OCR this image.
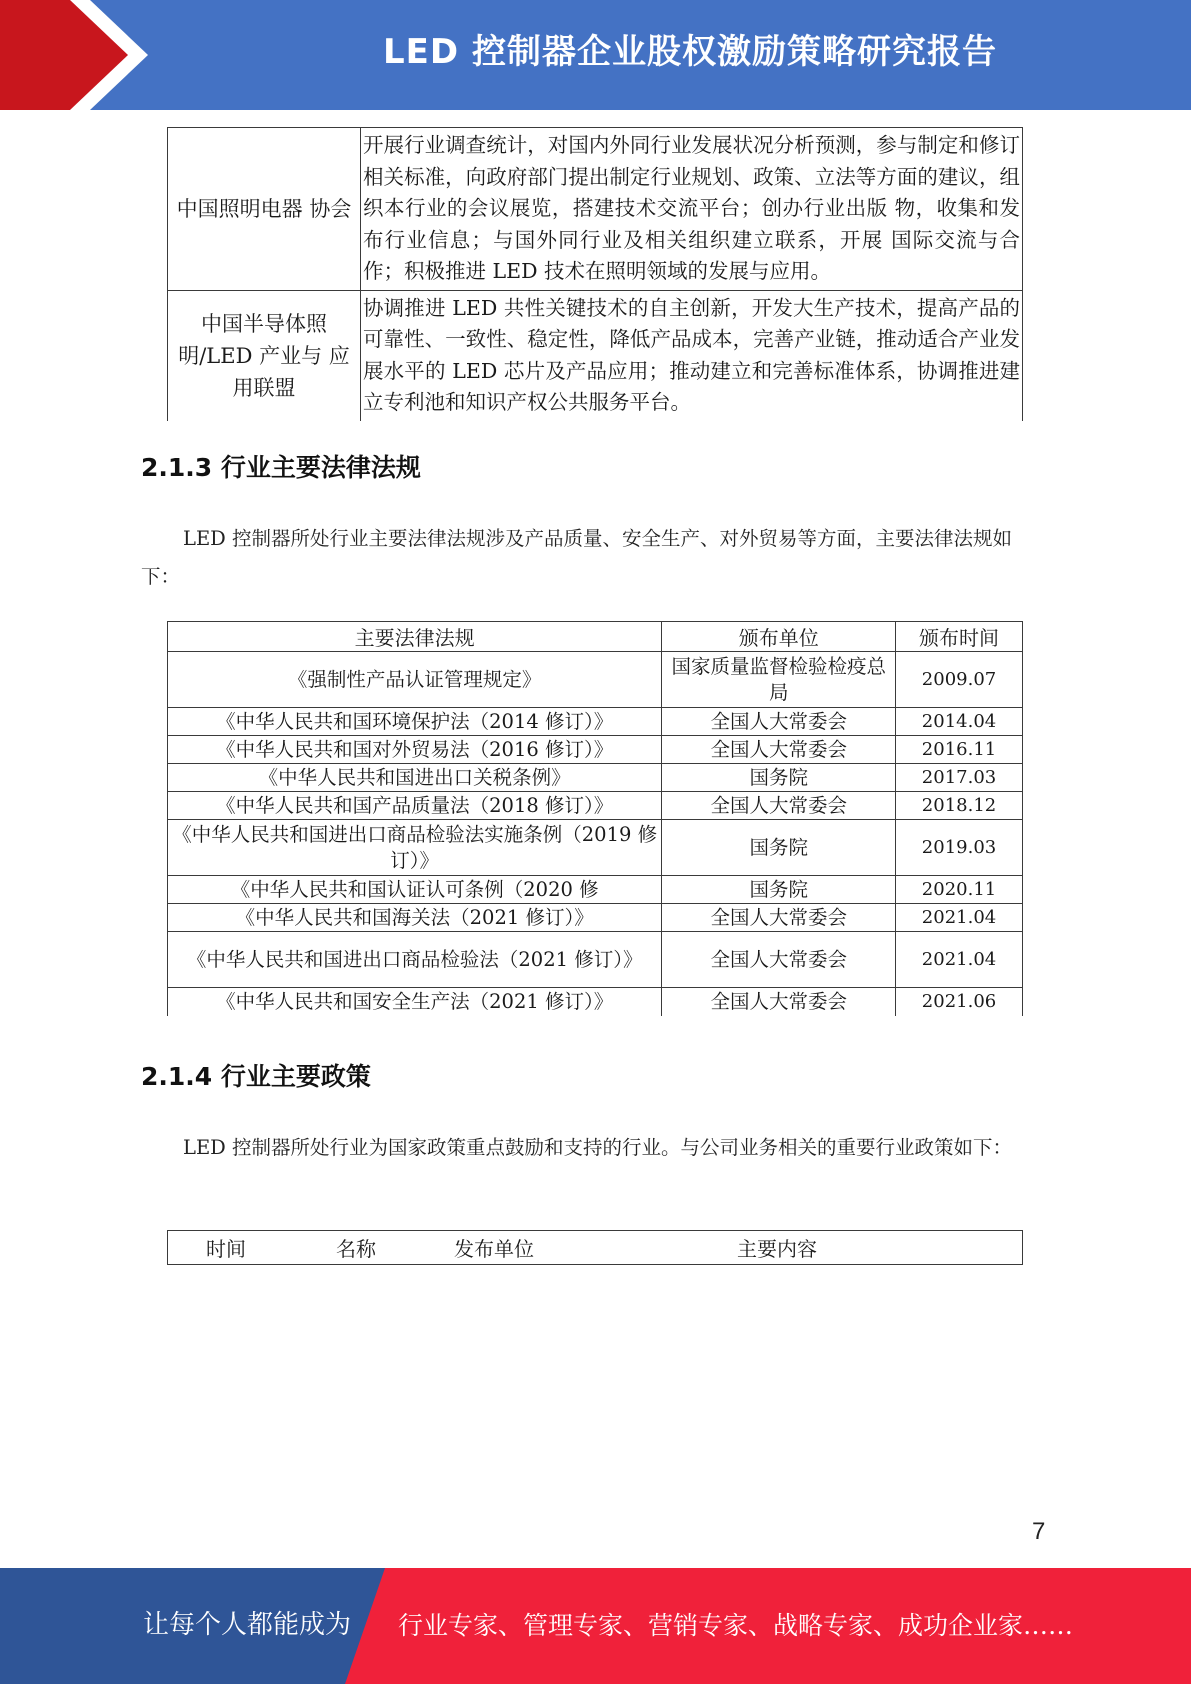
LED 控制器企业股权激励策略研究报告
中国照明电器 协会	开展行业调查统计，对国内外同行业发展状况分析预测，参与制定和修订相关标准，向政府部门提出制定行业规划、政策、立法等方面的建议，组织本行业的会议展览，搭建技术交流平台；创办行业出版 物，收集和发布行业信息；与国外同行业及相关组织建立联系，开展 国际交流与合作；积极推进 LED 技术在照明领域的发展与应用。
中国半导体照 明/LED 产业与 应用联盟	协调推进 LED 共性关键技术的自主创新，开发大生产技术，提高产品的可靠性、一致性、稳定性，降低产品成本，完善产业链，推动适合产业发展水平的 LED 芯片及产品应用；推动建立和完善标准体系，协调推进建立专利池和知识产权公共服务平台。
2.1.3 行业主要法律法规
LED 控制器所处行业主要法律法规涉及产品质量、安全生产、对外贸易等方面，主要法律法规如下：
主要法律法规	颁布单位	颁布时间
《强制性产品认证管理规定》	国家质量监督检验检疫总局	2009.07
《中华人民共和国环境保护法（2014 修订）》	全国人大常委会	2014.04
《中华人民共和国对外贸易法（2016 修订）》	全国人大常委会	2016.11
《中华人民共和国进出口关税条例》	国务院	2017.03
《中华人民共和国产品质量法（2018 修订）》	全国人大常委会	2018.12
《中华人民共和国进出口商品检验法实施条例（2019 修订）》	国务院	2019.03
《中华人民共和国认证认可条例（2020 修	国务院	2020.11
《中华人民共和国海关法（2021 修订）》	全国人大常委会	2021.04
《中华人民共和国进出口商品检验法（2021 修订）》	全国人大常委会	2021.04
《中华人民共和国安全生产法（2021 修订）》	全国人大常委会	2021.06
2.1.4 行业主要政策
LED 控制器所处行业为国家政策重点鼓励和支持的行业。与公司业务相关的重要行业政策如下：
	时间	名称	发布单位	主要内容
7
让每个人都能成为 行业专家、管理专家、营销专家、战略专家、成功企业家……
